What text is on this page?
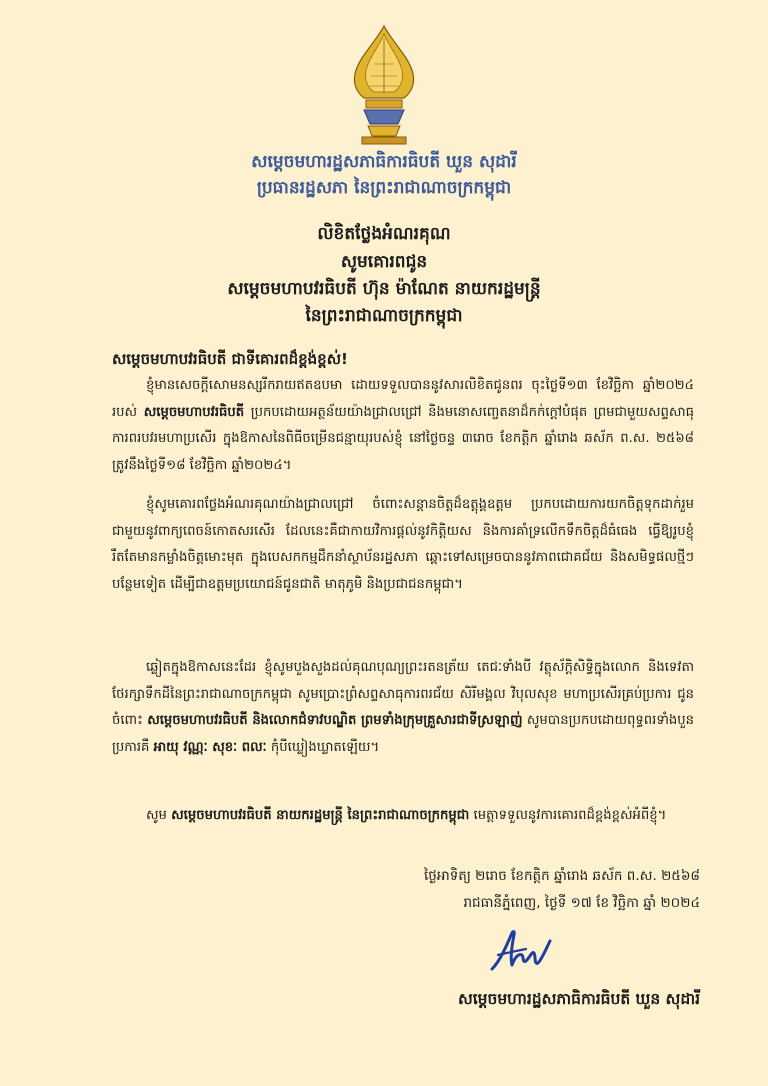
សម្តេចមហារដ្ឋសភាធិការធិបតី ឃួន សុដារី
ប្រធានរដ្ឋសភា នៃព្រះរាជាណាចក្រកម្ពុជា
លិខិតថ្លែងអំណរគុណ
សូមគោរពជូន
សម្តេចមហាបវរធិបតី ហ៊ុន ម៉ាណែត នាយករដ្ឋមន្ត្រី
នៃព្រះរាជាណាចក្រកម្ពុជា
សម្តេចមហាបវរធិបតី ជាទីគោរពដ៏ខ្ពង់ខ្ពស់!
ខ្ញុំមានសេចក្តីសោមនស្សរីករាយឥតឧបមា ដោយទទួលបាននូវសារលិខិតជូនពរ ចុះថ្ងៃទី១៣ ខែវិច្ឆិកា ឆ្នាំ២០២៤ របស់ សម្តេចមហាបវរធិបតី ប្រកបដោយអត្ថន័យយ៉ាងជ្រាលជ្រៅ និងមនោសញ្ចេតនាដ៏កក់ក្តៅបំផុត ព្រមជាមួយសព្ទសាធុការពរបវរមហាប្រសើរ ក្នុងឱកាសនៃពិធីចម្រើនជន្មាយុរបស់ខ្ញុំ នៅថ្ងៃចន្ទ ៣រោច ខែកត្តិក ឆ្នាំរោង ឆស័ក ព.ស. ២៥៦៨ ត្រូវនឹងថ្ងៃទី១៨ ខែវិច្ឆិកា ឆ្នាំ២០២៤។
ខ្ញុំសូមគោរពថ្លែងអំណរគុណយ៉ាងជ្រាលជ្រៅ ចំពោះសន្តានចិត្តដ៏ឧត្តុង្គឧត្តម ប្រកបដោយការយកចិត្តទុកដាក់រួមជាមួយនូវពាក្យពេចន៍កោតសរសើរ ដែលនេះគឺជាកាយវិការផ្តល់នូវកិត្តិយស និងការគាំទ្រលើកទឹកចិត្តដ៏ធំធេង ធ្វើឱ្យរូបខ្ញុំរឹតតែមានកម្លាំងចិត្តមោះមុត ក្នុងបេសកកម្មដឹកនាំស្ថាប័នរដ្ឋសភា ឆ្ពោះទៅសម្រេចបាននូវភាពជោគជ័យ និងសមិទ្ធផលថ្មីៗបន្ថែមទៀត ដើម្បីជាឧត្តមប្រយោជន៍ជូនជាតិ មាតុភូមិ និងប្រជាជនកម្ពុជា។
ឆ្លៀតក្នុងឱកាសនេះដែរ ខ្ញុំសូមបួងសួងដល់គុណបុណ្យព្រះរតនត្រ័យ តេជៈទាំងបី វត្ថុស័ក្តិសិទ្ធិក្នុងលោក និងទេវតាថែរក្សាទឹកដីនៃព្រះរាជាណាចក្រកម្ពុជា សូមប្រោះព្រំសព្ទសាធុការពរជ័យ សិរីមង្គល វិបុលសុខ មហាប្រសើរគ្រប់ប្រការ ជូនចំពោះ សម្តេចមហាបវរធិបតី និងលោកជំទាវបណ្ឌិត ព្រមទាំងក្រុមគ្រួសារជាទីស្រឡាញ់ សូមបានប្រកបដោយពុទ្ធពរទាំងបួនប្រការគឺ អាយុ វណ្ណៈ សុខៈ ពលៈ កុំបីឃ្លៀងឃ្លាតឡើយ។
សូម សម្តេចមហាបវរធិបតី នាយករដ្ឋមន្ត្រី នៃព្រះរាជាណាចក្រកម្ពុជា មេត្តាទទួលនូវការគោរពដ៏ខ្ពង់ខ្ពស់អំពីខ្ញុំ។
ថ្ងៃអាទិត្យ ២រោច ខែកត្តិក ឆ្នាំរោង ឆស័ក ព.ស. ២៥៦៨
រាជធានីភ្នំពេញ, ថ្ងៃទី ១៧ ខែ វិច្ឆិកា ឆ្នាំ ២០២៤
សម្តេចមហារដ្ឋសភាធិការធិបតី ឃួន សុដារី
